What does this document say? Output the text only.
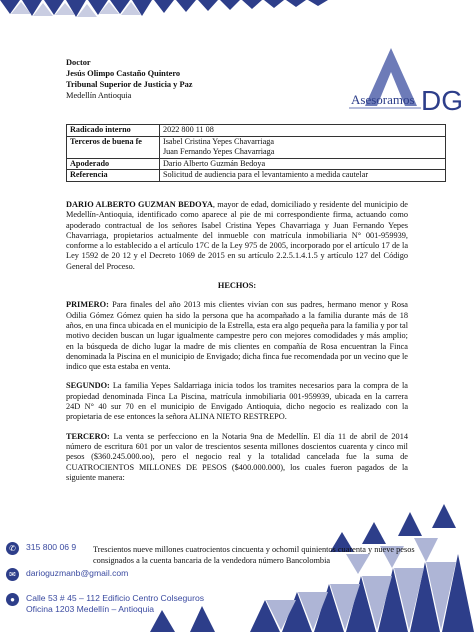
Asesoramos DG
Doctor
Jesús Olimpo Castaño Quintero
Tribunal Superior de Justicia y Paz
Medellín Antioquia
Radicado interno	2022 800 11 08
Terceros de buena fe	Isabel Cristina Yepes Chavarriaga
Juan Fernando Yepes Chavarriaga

Apoderado	Dario Alberto Guzmán Bedoya
Referencia	Solicitud de audiencia para el levantamiento a medida cautelar

DARIO ALBERTO GUZMAN BEDOYA, mayor de edad, domiciliado y residente del municipio de Medellín-Antioquia, identificado como aparece al pie de mi correspondiente firma, actuando como apoderado contractual de los señores Isabel Cristina Yepes Chavarriaga y Juan Fernando Yepes Chavarriaga, propietarios actualmente del inmueble con matrícula inmobiliaria N° 001-959939, conforme a lo establecido a el artículo 17C de la Ley 975 de 2005, incorporado por el artículo 17 de la Ley 1592 de 20 12 y el Decreto 1069 de 2015 en su artículo 2.2.5.1.4.1.5 y artículo 127 del Código General del Proceso.

HECHOS:

PRIMERO: Para finales del año 2013 mis clientes vivían con sus padres, hermano menor y Rosa Odilia Gómez Gómez quien ha sido la persona que ha acompañado a la familia durante más de 18 años, en una finca ubicada en el municipio de la Estrella, esta era algo pequeña para la familia y por tal motivo deciden buscan un lugar igualmente campestre pero con mejores comodidades y más amplio; en la búsqueda de dicho lugar la madre de mis clientes en compañía de Rosa encuentran la Finca denominada la Piscina en el municipio de Envigado; dicha finca fue recomendada por un vecino que le indico que esta estaba en venta.

SEGUNDO: La familia Yepes Saldarriaga inicia todos los tramites necesarios para la compra de la propiedad denominada Finca La Piscina, matrícula inmobiliaria 001-959939, ubicada en la carrera 24D N° 40 sur 70 en el municipio de Envigado Antioquia, dicho negocio es realizado con la propietaria de ese entonces la señora ALINA NIETO RESTREPO.

TERCERO: La venta se perfecciono en la Notaria 9na de Medellín. El día 11 de abril de 2014 número de escritura 601 por un valor de trescientos sesenta millones doscientos cuarenta y cinco mil pesos ($360.245.000.oo), pero el negocio real y la totalidad cancelada fue la suma de CUATROCIENTOS MILLONES DE PESOS ($400.000.000), los cuales fueron pagados de la siguiente manera:

Trescientos nueve millones cuatrocientos cincuenta y ochomil quinientos cuarenta y nueve pesos consignados a la cuenta bancaria de la vendedora número Bancolombia
✆	315 800 06 9
✉	darioguzmanb@gmail.com
●	Calle 53 # 45 – 112 Edificio Centro Colseguros
Oficina 1203 Medellín – Antioquia
